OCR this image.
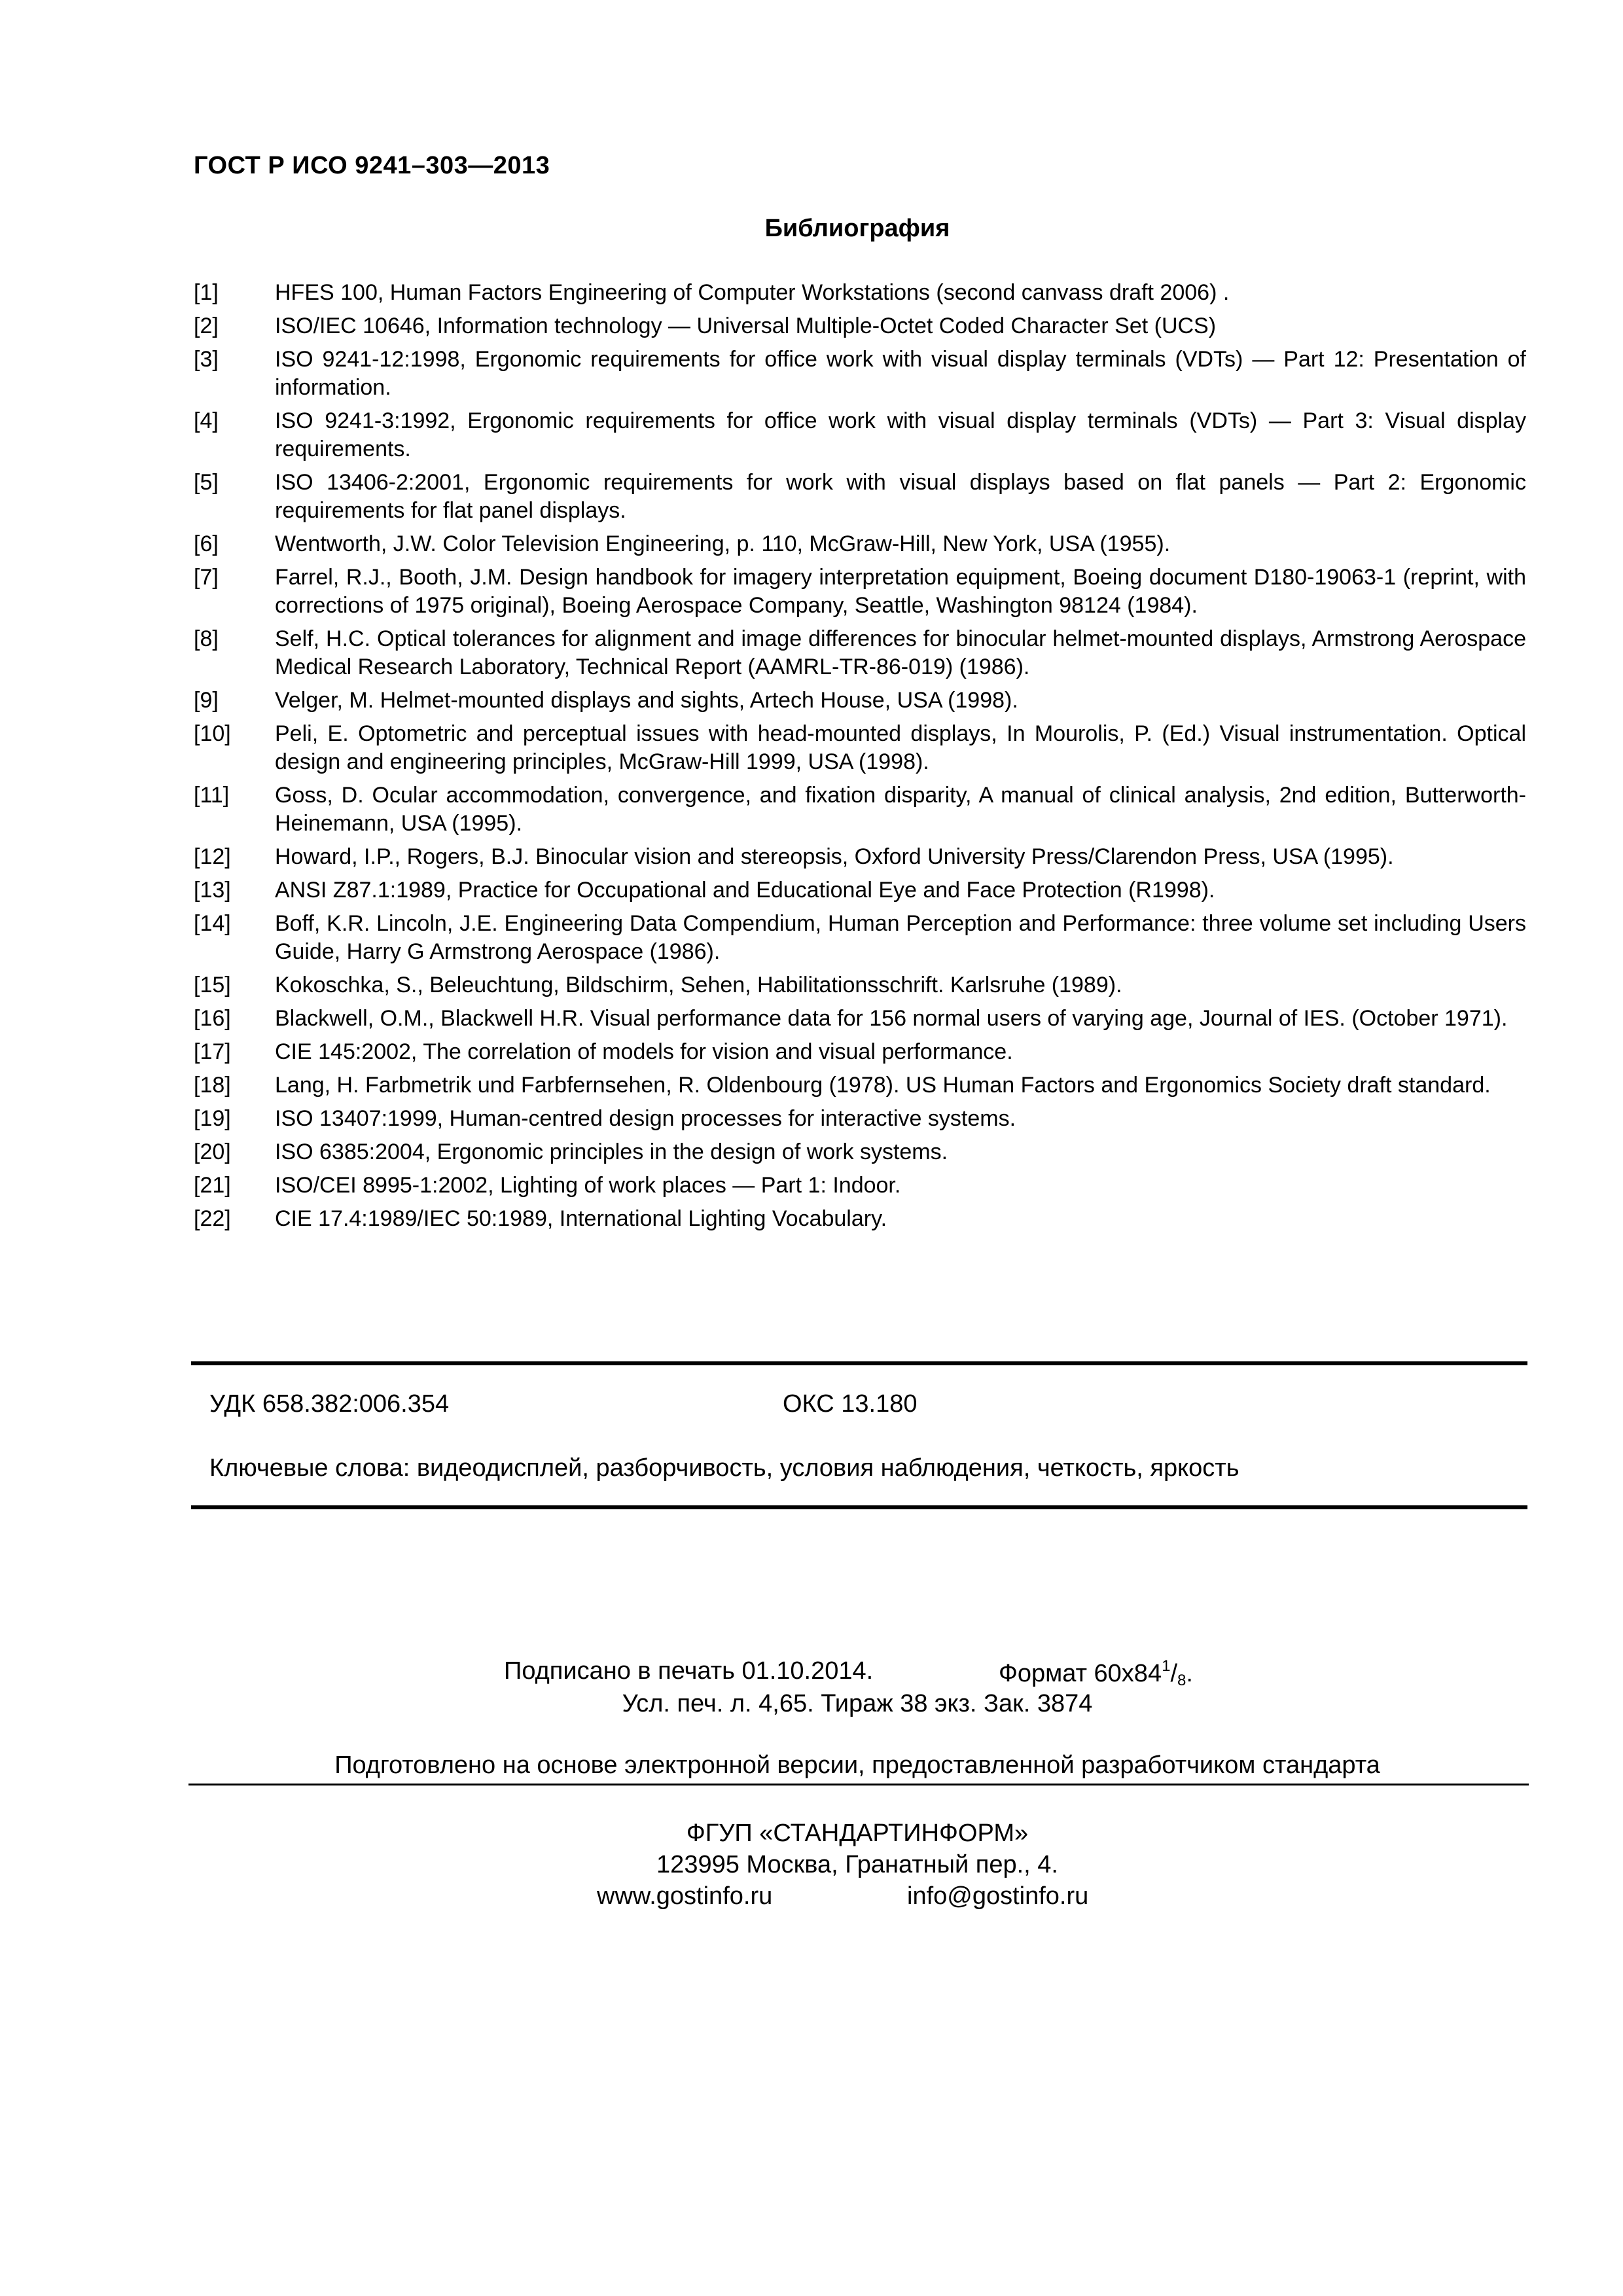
ГОСТ Р ИСО 9241–303—2013
Библиография
[1]	HFES 100, Human Factors Engineering of Computer Workstations (second canvass draft 2006) .
[2]	ISO/IEC 10646, Information technology — Universal Multiple-Octet Coded Character Set (UCS)
[3]	ISO 9241-12:1998, Ergonomic requirements for office work with visual display terminals (VDTs) — Part 12: Presentation of information.
[4]	ISO 9241-3:1992, Ergonomic requirements for office work with visual display terminals (VDTs) — Part 3: Visual display requirements.
[5]	ISO 13406-2:2001, Ergonomic requirements for work with visual displays based on flat panels — Part 2: Ergonomic requirements for flat panel displays.
[6]	Wentworth, J.W. Color Television Engineering, p. 110, McGraw-Hill, New York, USA (1955).
[7]	Farrel, R.J., Booth, J.M. Design handbook for imagery interpretation equipment, Boeing document D180-19063-1 (reprint, with corrections of 1975 original), Boeing Aerospace Company, Seattle, Washington 98124 (1984).
[8]	Self, H.C. Optical tolerances for alignment and image differences for binocular helmet-mounted displays, Armstrong Aerospace Medical Research Laboratory, Technical Report (AAMRL-TR-86-019) (1986).
[9]	Velger, M. Helmet-mounted displays and sights, Artech House, USA (1998).
[10]	Peli, E. Optometric and perceptual issues with head-mounted displays, In Mourolis, P. (Ed.) Visual instrumentation. Optical design and engineering principles, McGraw-Hill 1999, USA (1998).
[11]	Goss, D. Ocular accommodation, convergence, and fixation disparity, A manual of clinical analysis, 2nd edition, Butterworth-Heinemann, USA (1995).
[12]	Howard, I.P., Rogers, B.J. Binocular vision and stereopsis, Oxford University Press/Clarendon Press, USA (1995).
[13]	ANSI Z87.1:1989, Practice for Occupational and Educational Eye and Face Protection (R1998).
[14]	Boff, K.R. Lincoln, J.E. Engineering Data Compendium, Human Perception and Performance: three volume set including Users Guide, Harry G Armstrong Aerospace (1986).
[15]	Kokoschka, S., Beleuchtung, Bildschirm, Sehen, Habilitationsschrift. Karlsruhe (1989).
[16]	Blackwell, O.M., Blackwell H.R. Visual performance data for 156 normal users of varying age, Journal of IES. (October 1971).
[17]	CIE 145:2002, The correlation of models for vision and visual performance.
[18]	Lang, H. Farbmetrik und Farbfernsehen, R. Oldenbourg (1978). US Human Factors and Ergonomics Society draft standard.
[19]	ISO 13407:1999, Human-centred design processes for interactive systems.
[20]	ISO 6385:2004, Ergonomic principles in the design of work systems.
[21]	ISO/CEI 8995-1:2002, Lighting of work places — Part 1: Indoor.
[22]	CIE 17.4:1989/IEC 50:1989, International Lighting Vocabulary.
УДК 658.382:006.354	ОКС 13.180
Ключевые слова: видеодисплей, разборчивость, условия наблюдения, четкость, яркость
Подписано в печать 01.10.2014.	Формат $60х84^1/8$.
Усл. печ. л. 4,65. Тираж 38 экз. Зак. 3874
Подготовлено на основе электронной версии, предоставленной разработчиком стандарта
ФГУП «СТАНДАРТИНФОРМ»
123995 Москва, Гранатный пер., 4.
www.gostinfo.ru	info@gostinfo.ru
